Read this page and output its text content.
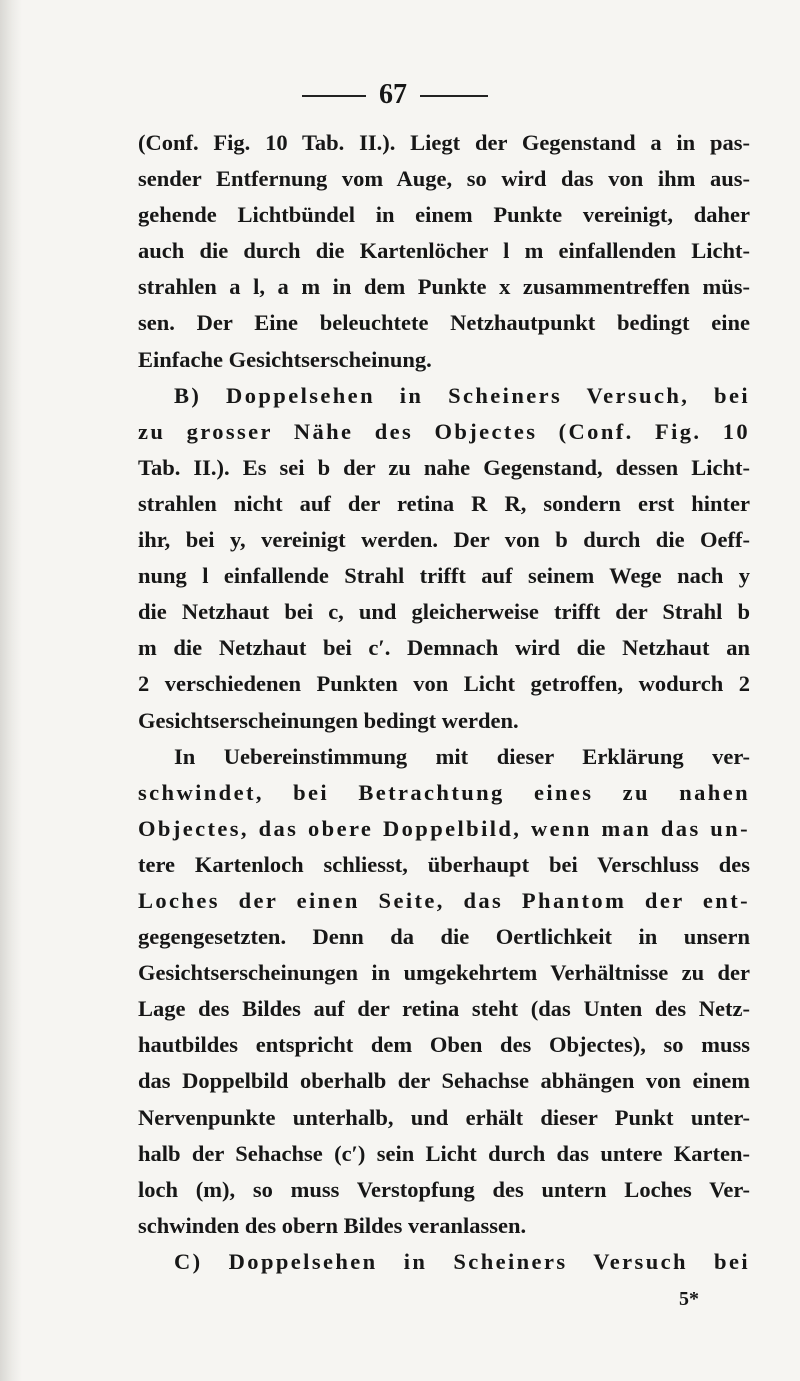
67
(Conf. Fig. 10 Tab. II.). Liegt der Gegenstand a in pas-
sender Entfernung vom Auge, so wird das von ihm aus-
gehende Lichtbündel in einem Punkte vereinigt, daher
auch die durch die Kartenlöcher l m einfallenden Licht-
strahlen a l, a m in dem Punkte x zusammentreffen müs-
sen. Der Eine beleuchtete Netzhautpunkt bedingt eine
Einfache Gesichtserscheinung.
B) Doppelsehen in Scheiners Versuch, bei
zu grosser Nähe des Objectes (Conf. Fig. 10
Tab. II.). Es sei b der zu nahe Gegenstand, dessen Licht-
strahlen nicht auf der retina R R, sondern erst hinter
ihr, bei y, vereinigt werden. Der von b durch die Oeff-
nung l einfallende Strahl trifft auf seinem Wege nach y
die Netzhaut bei c, und gleicherweise trifft der Strahl b
m die Netzhaut bei c′. Demnach wird die Netzhaut an
2 verschiedenen Punkten von Licht getroffen, wodurch 2
Gesichtserscheinungen bedingt werden.
In Uebereinstimmung mit dieser Erklärung ver-
schwindet, bei Betrachtung eines zu nahen
Objectes, das obere Doppelbild, wenn man das un-
tere Kartenloch schliesst, überhaupt bei Verschluss des
Loches der einen Seite, das Phantom der ent-
gegengesetzten. Denn da die Oertlichkeit in unsern
Gesichtserscheinungen in umgekehrtem Verhältnisse zu der
Lage des Bildes auf der retina steht (das Unten des Netz-
hautbildes entspricht dem Oben des Objectes), so muss
das Doppelbild oberhalb der Sehachse abhängen von einem
Nervenpunkte unterhalb, und erhält dieser Punkt unter-
halb der Sehachse (c′) sein Licht durch das untere Karten-
loch (m), so muss Verstopfung des untern Loches Ver-
schwinden des obern Bildes veranlassen.
C) Doppelsehen in Scheiners Versuch bei
5*
